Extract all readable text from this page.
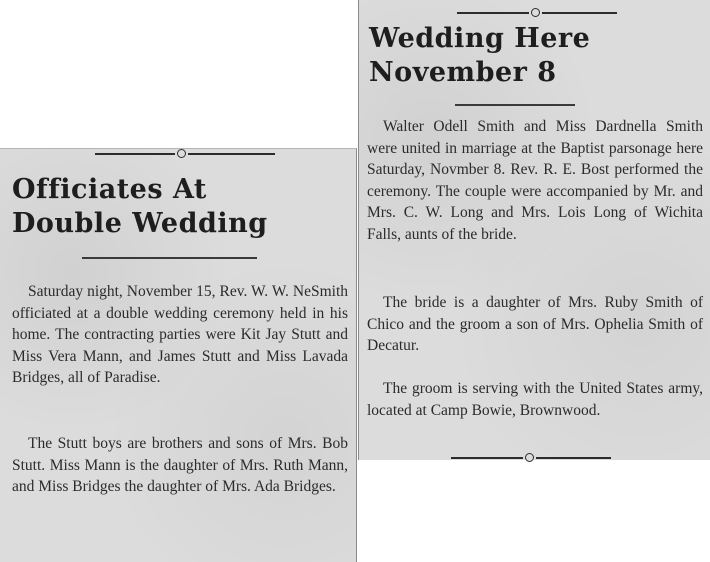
Officiates At
Double Wedding

Saturday night, November 15, Rev. W. W. NeSmith officiated at a double wedding ceremony held in his home. The contracting parties were Kit Jay Stutt and Miss Vera Mann, and James Stutt and Miss Lavada Bridges, all of Paradise.

The Stutt boys are brothers and sons of Mrs. Bob Stutt. Miss Mann is the daughter of Mrs. Ruth Mann, and Miss Bridges the daughter of Mrs. Ada Bridges.

Wedding Here
November 8

Walter Odell Smith and Miss Dardnella Smith were united in marriage at the Baptist parsonage here Saturday, Novmber 8. Rev. R. E. Bost performed the ceremony. The couple were accompanied by Mr. and Mrs. C. W. Long and Mrs. Lois Long of Wichita Falls, aunts of the bride.

The bride is a daughter of Mrs. Ruby Smith of Chico and the groom a son of Mrs. Ophelia Smith of Decatur.

The groom is serving with the United States army, located at Camp Bowie, Brownwood.
